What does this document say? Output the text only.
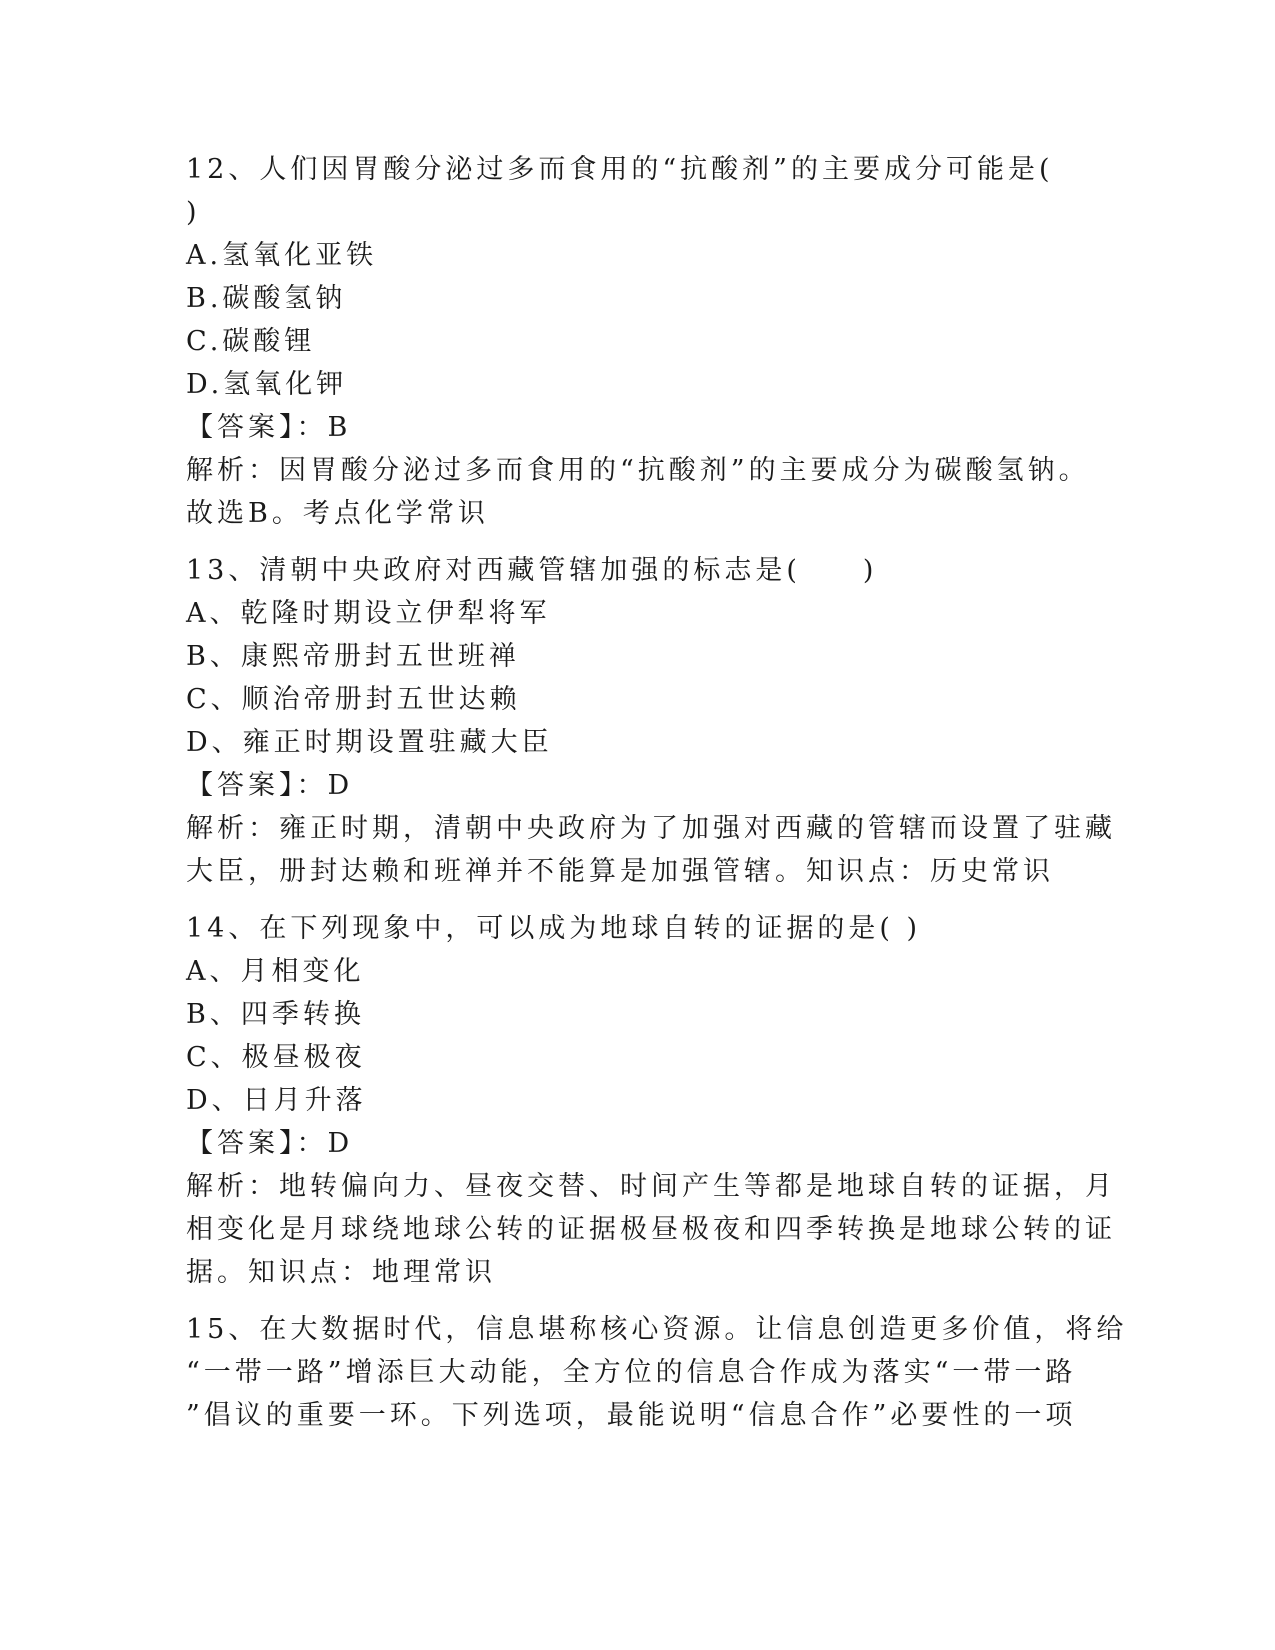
12、人们因胃酸分泌过多而食用的“抗酸剂”的主要成分可能是(
)
A.氢氧化亚铁
B.碳酸氢钠
C.碳酸锂
D.氢氧化钾
【答案】：B
解析：因胃酸分泌过多而食用的“抗酸剂”的主要成分为碳酸氢钠。
故选B。考点化学常识
13、清朝中央政府对西藏管辖加强的标志是(　　)
A、乾隆时期设立伊犁将军
B、康熙帝册封五世班禅
C、顺治帝册封五世达赖
D、雍正时期设置驻藏大臣
【答案】：D
解析：雍正时期，清朝中央政府为了加强对西藏的管辖而设置了驻藏
大臣，册封达赖和班禅并不能算是加强管辖。知识点：历史常识
14、在下列现象中，可以成为地球自转的证据的是( )
A、月相变化
B、四季转换
C、极昼极夜
D、日月升落
【答案】：D
解析：地转偏向力、昼夜交替、时间产生等都是地球自转的证据，月
相变化是月球绕地球公转的证据极昼极夜和四季转换是地球公转的证
据。知识点：地理常识
15、在大数据时代，信息堪称核心资源。让信息创造更多价值，将给
“一带一路”增添巨大动能，全方位的信息合作成为落实“一带一路
”倡议的重要一环。下列选项，最能说明“信息合作”必要性的一项
